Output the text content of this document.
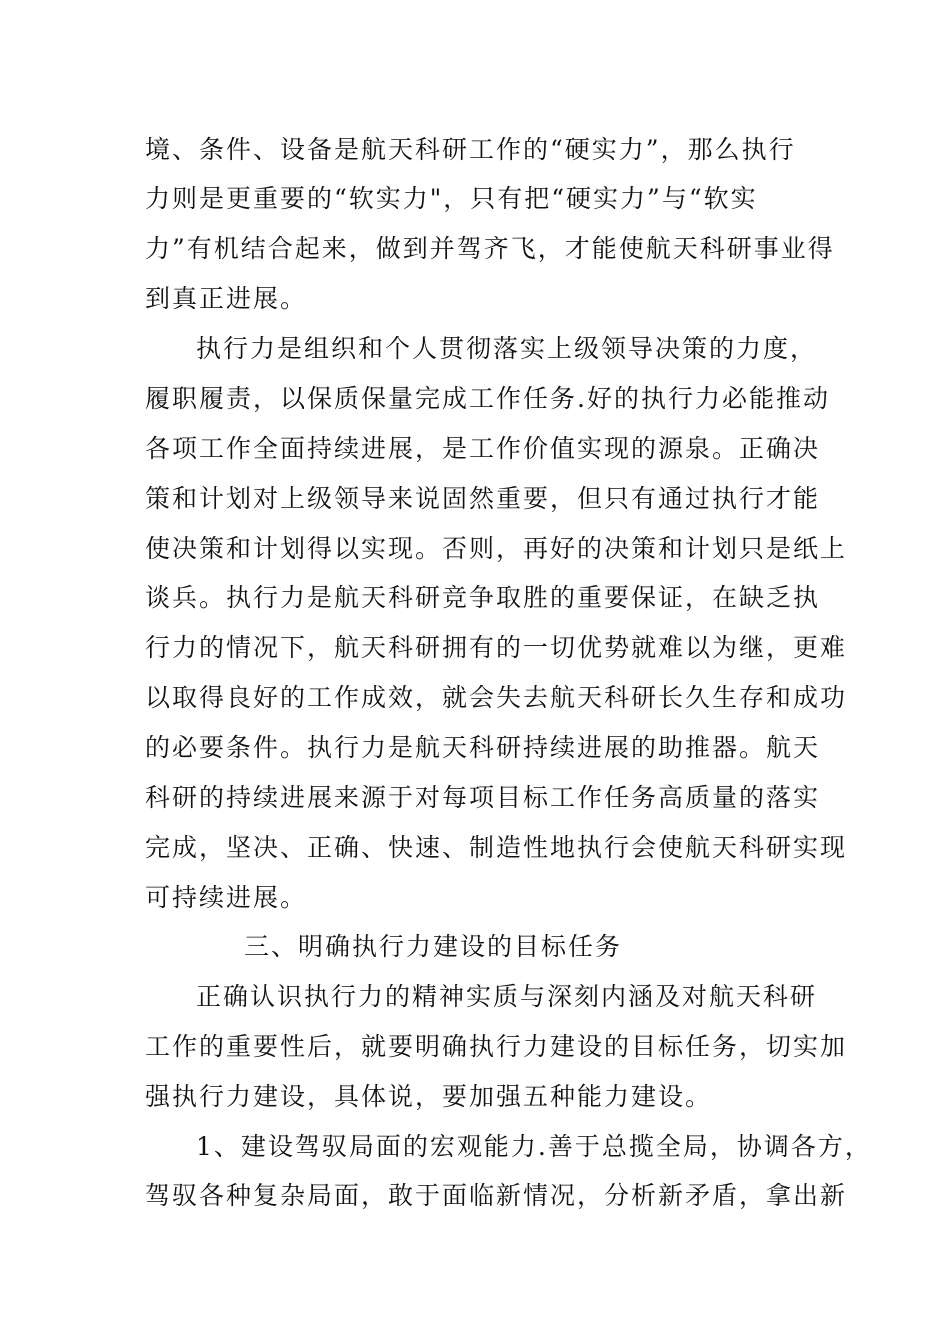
境、条件、设备是航天科研工作的“硬实力”，那么执行
力则是更重要的“软实力"，只有把“硬实力”与“软实
力”有机结合起来，做到并驾齐飞，才能使航天科研事业得
到真正进展。
执行力是组织和个人贯彻落实上级领导决策的力度，
履职履责，以保质保量完成工作任务.好的执行力必能推动
各项工作全面持续进展，是工作价值实现的源泉。正确决
策和计划对上级领导来说固然重要，但只有通过执行才能
使决策和计划得以实现。否则，再好的决策和计划只是纸上
谈兵。执行力是航天科研竞争取胜的重要保证，在缺乏执
行力的情况下，航天科研拥有的一切优势就难以为继，更难
以取得良好的工作成效，就会失去航天科研长久生存和成功
的必要条件。执行力是航天科研持续进展的助推器。航天
科研的持续进展来源于对每项目标工作任务高质量的落实
完成，坚决、正确、快速、制造性地执行会使航天科研实现
可持续进展。
三、明确执行力建设的目标任务
正确认识执行力的精神实质与深刻内涵及对航天科研
工作的重要性后，就要明确执行力建设的目标任务，切实加
强执行力建设，具体说，要加强五种能力建设。
1、建设驾驭局面的宏观能力.善于总揽全局，协调各方，
驾驭各种复杂局面，敢于面临新情况，分析新矛盾，拿出新
